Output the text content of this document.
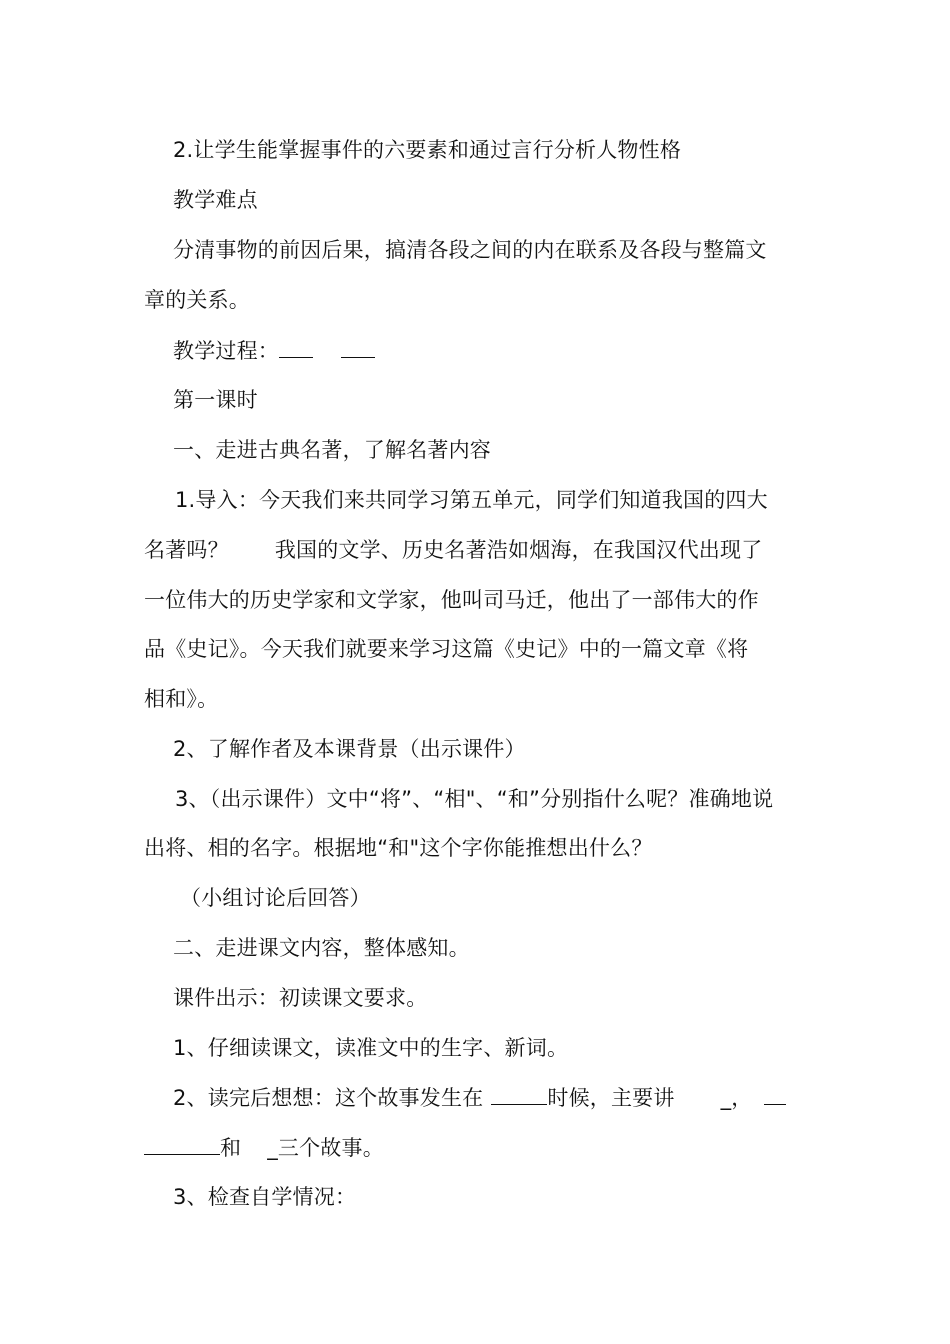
2.让学生能掌握事件的六要素和通过言行分析人物性格
教学难点
分清事物的前因后果，搞清各段之间的内在联系及各段与整篇文
章的关系。
教学过程：
第一课时
一、走进古典名著，了解名著内容
1.导入：今天我们来共同学习第五单元，同学们知道我国的四大
名著吗？ 我国的文学、历史名著浩如烟海，在我国汉代出现了
一位伟大的历史学家和文学家，他叫司马迁，他出了一部伟大的作
品《史记》。今天我们就要来学习这篇《史记》中的一篇文章《将
相和》。
2、了解作者及本课背景（出示课件）
3、（出示课件）文中“将”、“相"、“和”分别指什么呢？准确地说
出将、相的名字。根据地“和"这个字你能推想出什么？
（小组讨论后回答）
二、走进课文内容，整体感知。
课件出示：初读课文要求。
1、仔细读课文，读准文中的生字、新词。
2、读完后想想：这个故事发生在	时候，主要讲 _，
和 _三个故事。
3、检查自学情况：
